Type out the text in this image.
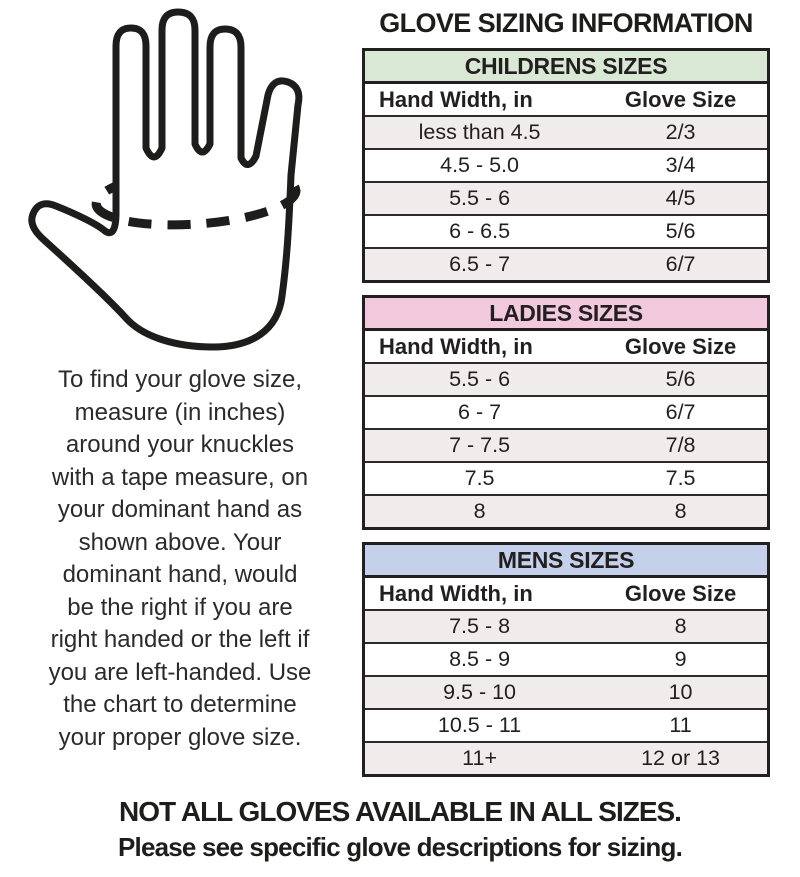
GLOVE SIZING INFORMATION
CHILDRENS SIZES
Hand Width, in	Glove Size
less than 4.5	2/3
4.5 - 5.0	3/4
5.5 - 6	4/5
6 - 6.5	5/6
6.5 - 7	6/7
LADIES SIZES
Hand Width, in	Glove Size
5.5 - 6	5/6
6 - 7	6/7
7 - 7.5	7/8
7.5	7.5
8	8
MENS SIZES
Hand Width, in	Glove Size
7.5 - 8	8
8.5 - 9	9
9.5 - 10	10
10.5 - 11	11
11+	12 or 13
To find your glove size,
measure (in inches)
around your knuckles
with a tape measure, on
your dominant hand as
shown above. Your
dominant hand, would
be the right if you are
right handed or the left if
you are left-handed. Use
the chart to determine
your proper glove size.
NOT ALL GLOVES AVAILABLE IN ALL SIZES.
Please see specific glove descriptions for sizing.
